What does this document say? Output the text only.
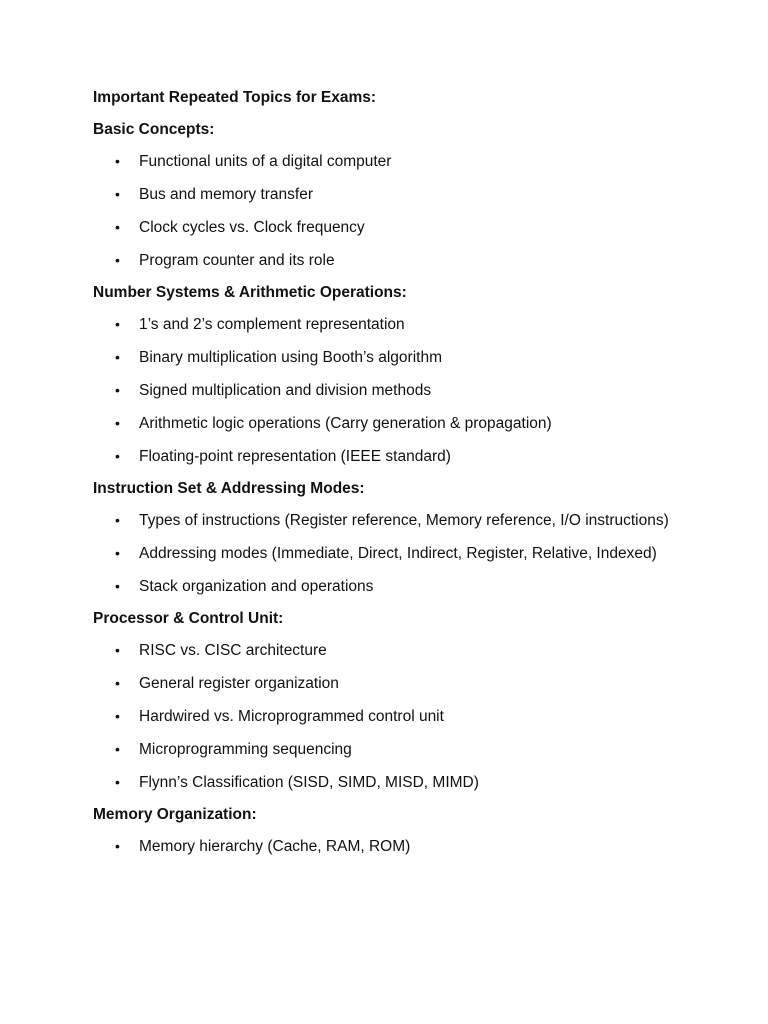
Important Repeated Topics for Exams:

Basic Concepts:

• Functional units of a digital computer
• Bus and memory transfer
• Clock cycles vs. Clock frequency
• Program counter and its role

Number Systems & Arithmetic Operations:

• 1’s and 2’s complement representation
• Binary multiplication using Booth’s algorithm
• Signed multiplication and division methods
• Arithmetic logic operations (Carry generation & propagation)
• Floating-point representation (IEEE standard)

Instruction Set & Addressing Modes:

• Types of instructions (Register reference, Memory reference, I/O instructions)
• Addressing modes (Immediate, Direct, Indirect, Register, Relative, Indexed)
• Stack organization and operations

Processor & Control Unit:

• RISC vs. CISC architecture
• General register organization
• Hardwired vs. Microprogrammed control unit
• Microprogramming sequencing
• Flynn’s Classification (SISD, SIMD, MISD, MIMD)

Memory Organization:

• Memory hierarchy (Cache, RAM, ROM)
